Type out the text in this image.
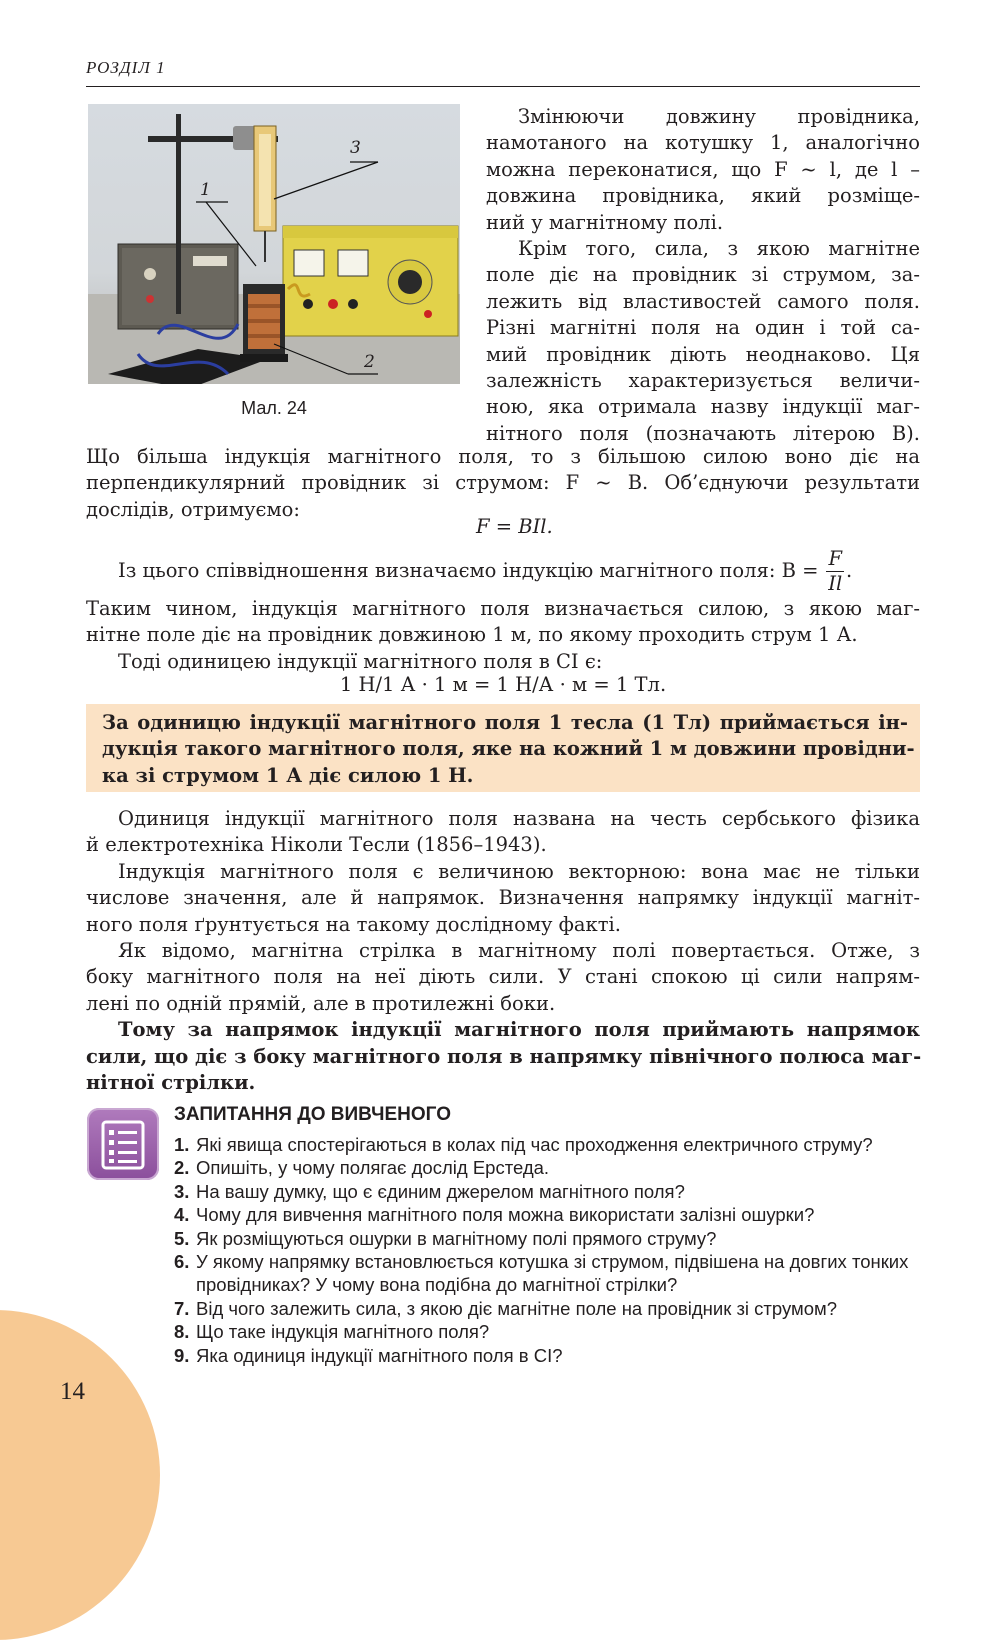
РОЗДІЛ 1
1
3
2
Мал. 24
Змінюючи довжину провідника,
намотаного на котушку 1, аналогічно
можна переконатися, що F ~ l, де l –
довжина провідника, який розміще-
ний у магнітному полі.
Крім того, сила, з якою магнітне
поле діє на провідник зі струмом, за-
лежить від властивостей самого поля.
Різні магнітні поля на один і той са-
мий провідник діють неоднаково. Ця
залежність характеризується величи-
ною, яка отримала назву індукції маг-
нітного поля (позначають літерою B).
Що більша індукція магнітного поля, то з більшою силою воно діє на
перпендикулярний провідник зі струмом: F ~ B. Об’єднуючи результати
дослідів, отримуємо:
F = BIl.
Із цього співвідношення визначаємо індукцію магнітного поля: $B = \frac{F}{Il}$ .
Таким чином, індукція магнітного поля визначається силою, з якою маг-
нітне поле діє на провідник довжиною 1 м, по якому проходить струм 1 А.
Тоді одиницею індукції магнітного поля в СІ є:
1 Н/1 А · 1 м = 1 Н/А · м = 1 Тл.
За одиницю індукції магнітного поля 1 тесла (1 Тл) приймається ін-
дукція такого магнітного поля, яке на кожний 1 м довжини провідни-
ка зі струмом 1 А діє силою 1 Н.
Одиниця індукції магнітного поля названа на честь сербського фізика
й електротехніка Ніколи Тесли (1856–1943).
Індукція магнітного поля є величиною векторною: вона має не тільки
числове значення, але й напрямок. Визначення напрямку індукції магніт-
ного поля ґрунтується на такому дослідному факті.
Як відомо, магнітна стрілка в магнітному полі повертається. Отже, з
боку магнітного поля на неї діють сили. У стані спокою ці сили напрям-
лені по одній прямій, але в протилежні боки.
Тому за напрямок індукції магнітного поля приймають напрямок
сили, що діє з боку магнітного поля в напрямку північного полюса маг-
нітної стрілки.
ЗАПИТАННЯ ДО ВИВЧЕНОГО
1. Які явища спостерігаються в колах під час проходження електричного струму?
2. Опишіть, у чому полягає дослід Ерстеда.
3. На вашу думку, що є єдиним джерелом магнітного поля?
4. Чому для вивчення магнітного поля можна використати залізні ошурки?
5. Як розміщуються ошурки в магнітному полі прямого струму?
6. У якому напрямку встановлюється котушка зі струмом, підвішена на довгих тонких провідниках? У чому вона подібна до магнітної стрілки?
7. Від чого залежить сила, з якою діє магнітне поле на провідник зі струмом?
8. Що таке індукція магнітного поля?
9. Яка одиниця індукції магнітного поля в СІ?
14
